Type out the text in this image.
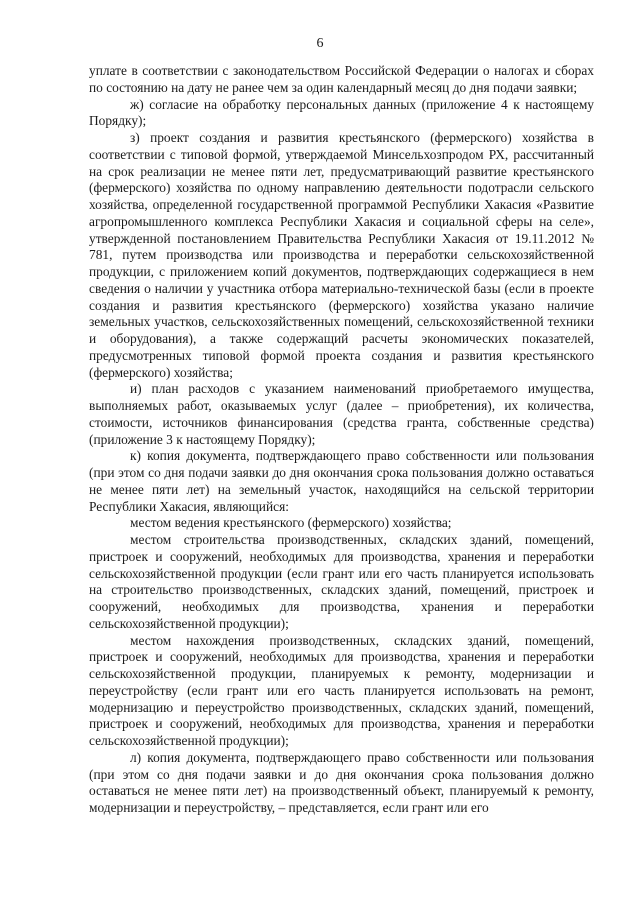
6

уплате в соответствии с законодательством Российской Федерации о налогах и сборах по состоянию на дату не ранее чем за один календарный месяц до дня подачи заявки;

ж) согласие на обработку персональных данных (приложение 4 к настоящему Порядку);

з) проект создания и развития крестьянского (фермерского) хозяйства в соответствии с типовой формой, утверждаемой Минсельхозпродом РХ, рассчитанный на срок реализации не менее пяти лет, предусматривающий развитие крестьянского (фермерского) хозяйства по одному направлению деятельности подотрасли сельского хозяйства, определенной государственной программой Республики Хакасия «Развитие агропромышленного комплекса Республики Хакасия и социальной сферы на селе», утвержденной постановлением Правительства Республики Хакасия от 19.11.2012 № 781, путем производства или производства и переработки сельскохозяйственной продукции, с приложением копий документов, подтверждающих содержащиеся в нем сведения о наличии у участника отбора материально-технической базы (если в проекте создания и развития крестьянского (фермерского) хозяйства указано наличие земельных участков, сельскохозяйственных помещений, сельскохозяйственной техники и оборудования), а также содержащий расчеты экономических показателей, предусмотренных типовой формой проекта создания и развития крестьянского (фермерского) хозяйства;

и) план расходов с указанием наименований приобретаемого имущества, выполняемых работ, оказываемых услуг (далее – приобретения), их количества, стоимости, источников финансирования (средства гранта, собственные средства) (приложение 3 к настоящему Порядку);

к) копия документа, подтверждающего право собственности или пользования (при этом со дня подачи заявки до дня окончания срока пользования должно оставаться не менее пяти лет) на земельный участок, находящийся на сельской территории Республики Хакасия, являющийся:

местом ведения крестьянского (фермерского) хозяйства;

местом строительства производственных, складских зданий, помещений, пристроек и сооружений, необходимых для производства, хранения и переработки сельскохозяйственной продукции (если грант или его часть планируется использовать на строительство производственных, складских зданий, помещений, пристроек и сооружений, необходимых для производства, хранения и переработки сельскохозяйственной продукции);

местом нахождения производственных, складских зданий, помещений, пристроек и сооружений, необходимых для производства, хранения и переработки сельскохозяйственной продукции, планируемых к ремонту, модернизации и переустройству (если грант или его часть планируется использовать на ремонт, модернизацию и переустройство производственных, складских зданий, помещений, пристроек и сооружений, необходимых для производства, хранения и переработки сельскохозяйственной продукции);

л) копия документа, подтверждающего право собственности или пользования (при этом со дня подачи заявки и до дня окончания срока пользования должно оставаться не менее пяти лет) на производственный объект, планируемый к ремонту, модернизации и переустройству, – представляется, если грант или его
